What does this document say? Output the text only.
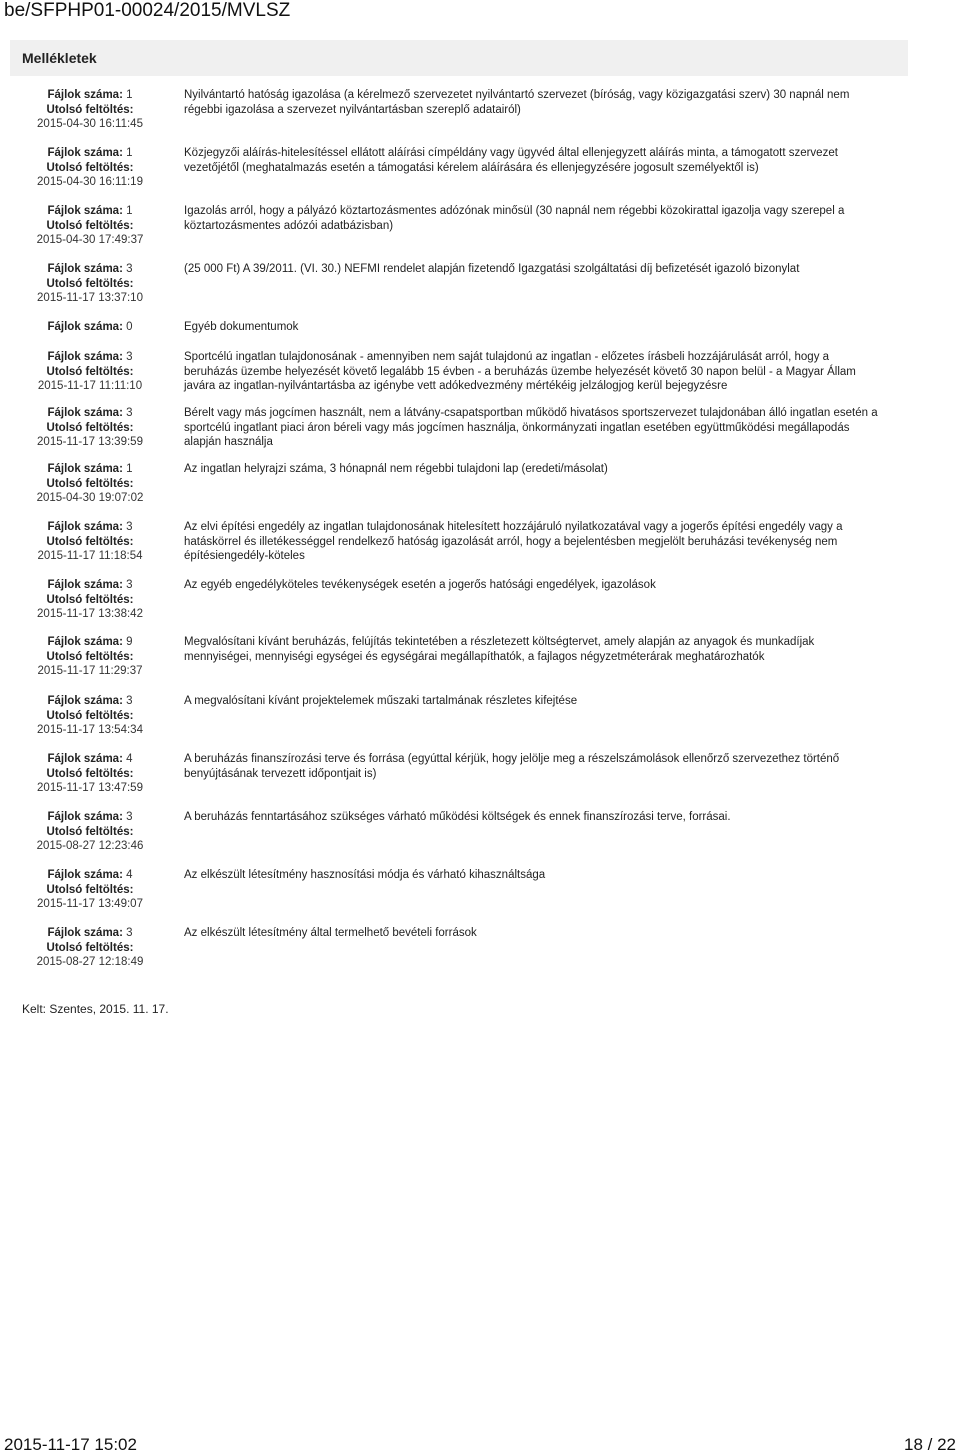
be/SFPHP01-00024/2015/MVLSZ
Mellékletek
Fájlok száma: 1
Utolsó feltöltés:
2015-04-30 16:11:45
Nyilvántartó hatóság igazolása (a kérelmező szervezetet nyilvántartó szervezet (bíróság, vagy közigazgatási szerv) 30 napnál nem régebbi igazolása a szervezet nyilvántartásban szereplő adatairól)
Fájlok száma: 1
Utolsó feltöltés:
2015-04-30 16:11:19
Közjegyzői aláírás-hitelesítéssel ellátott aláírási címpéldány vagy ügyvéd által ellenjegyzett aláírás minta, a támogatott szervezet vezetőjétől (meghatalmazás esetén a támogatási kérelem aláírására és ellenjegyzésére jogosult személyektől is)
Fájlok száma: 1
Utolsó feltöltés:
2015-04-30 17:49:37
Igazolás arról, hogy a pályázó köztartozásmentes adózónak minősül (30 napnál nem régebbi közokirattal igazolja vagy szerepel a köztartozásmentes adózói adatbázisban)
Fájlok száma: 3
Utolsó feltöltés:
2015-11-17 13:37:10
(25 000 Ft) A 39/2011. (VI. 30.) NEFMI rendelet alapján fizetendő Igazgatási szolgáltatási díj befizetését igazoló bizonylat
Fájlok száma: 0	Egyéb dokumentumok
Fájlok száma: 3
Utolsó feltöltés:
2015-11-17 11:11:10
Sportcélú ingatlan tulajdonosának - amennyiben nem saját tulajdonú az ingatlan - előzetes írásbeli hozzájárulását arról, hogy a beruházás üzembe helyezését követő legalább 15 évben - a beruházás üzembe helyezését követő 30 napon belül - a Magyar Állam javára az ingatlan-nyilvántartásba az igénybe vett adókedvezmény mértékéig jelzálogjog kerül bejegyzésre
Fájlok száma: 3
Utolsó feltöltés:
2015-11-17 13:39:59
Bérelt vagy más jogcímen használt, nem a látvány-csapatsportban működő hivatásos sportszervezet tulajdonában álló ingatlan esetén a sportcélú ingatlant piaci áron béreli vagy más jogcímen használja, önkormányzati ingatlan esetében együttműködési megállapodás alapján használja
Fájlok száma: 1
Utolsó feltöltés:
2015-04-30 19:07:02
Az ingatlan helyrajzi száma, 3 hónapnál nem régebbi tulajdoni lap (eredeti/másolat)
Fájlok száma: 3
Utolsó feltöltés:
2015-11-17 11:18:54
Az elvi építési engedély az ingatlan tulajdonosának hitelesített hozzájáruló nyilatkozatával vagy a jogerős építési engedély vagy a hatáskörrel és illetékességgel rendelkező hatóság igazolását arról, hogy a bejelentésben megjelölt beruházási tevékenység nem építésiengedély-köteles
Fájlok száma: 3
Utolsó feltöltés:
2015-11-17 13:38:42
Az egyéb engedélyköteles tevékenységek esetén a jogerős hatósági engedélyek, igazolások
Fájlok száma: 9
Utolsó feltöltés:
2015-11-17 11:29:37
Megvalósítani kívánt beruházás, felújítás tekintetében a részletezett költségtervet, amely alapján az anyagok és munkadíjak mennyiségei, mennyiségi egységei és egységárai megállapíthatók, a fajlagos négyzetméterárak meghatározhatók
Fájlok száma: 3
Utolsó feltöltés:
2015-11-17 13:54:34
A megvalósítani kívánt projektelemek műszaki tartalmának részletes kifejtése
Fájlok száma: 4
Utolsó feltöltés:
2015-11-17 13:47:59
A beruházás finanszírozási terve és forrása (egyúttal kérjük, hogy jelölje meg a részelszámolások ellenőrző szervezethez történő benyújtásának tervezett időpontjait is)
Fájlok száma: 3
Utolsó feltöltés:
2015-08-27 12:23:46
A beruházás fenntartásához szükséges várható működési költségek és ennek finanszírozási terve, forrásai.
Fájlok száma: 4
Utolsó feltöltés:
2015-11-17 13:49:07
Az elkészült létesítmény hasznosítási módja és várható kihasználtsága
Fájlok száma: 3
Utolsó feltöltés:
2015-08-27 12:18:49
Az elkészült létesítmény által termelhető bevételi források
Kelt: Szentes, 2015. 11. 17.
2015-11-17 15:02	18 / 22
